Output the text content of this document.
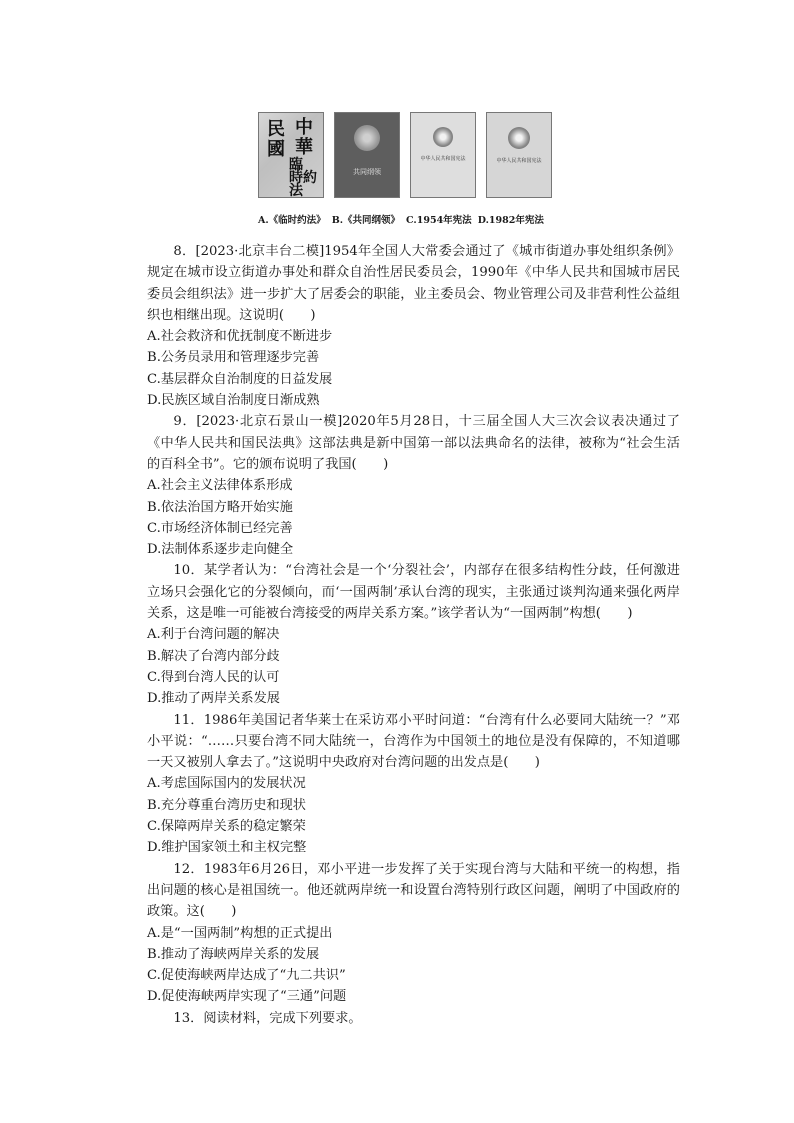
中
華
民
國
臨
時約法
共同纲领
中华人民共和国宪法	中华人民共和国宪法
A.《临时约法》 B.《共同纲领》 C.1954年宪法 D.1982年宪法

8．[2023·北京丰台二模]1954年全国人大常委会通过了《城市街道办事处组织条例》规定在城市设立街道办事处和群众自治性居民委员会，1990年《中华人民共和国城市居民委员会组织法》进一步扩大了居委会的职能，业主委员会、物业管理公司及非营利性公益组织也相继出现。这说明(　　)

A.社会救济和优抚制度不断进步

B.公务员录用和管理逐步完善

C.基层群众自治制度的日益发展

D.民族区域自治制度日渐成熟

9．[2023·北京石景山一模]2020年5月28日，十三届全国人大三次会议表决通过了《中华人民共和国民法典》这部法典是新中国第一部以法典命名的法律，被称为“社会生活的百科全书”。它的颁布说明了我国(　　)

A.社会主义法律体系形成

B.依法治国方略开始实施

C.市场经济体制已经完善

D.法制体系逐步走向健全

10．某学者认为：“台湾社会是一个‘分裂社会’，内部存在很多结构性分歧，任何激进立场只会强化它的分裂倾向，而‘一国两制’承认台湾的现实，主张通过谈判沟通来强化两岸关系，这是唯一可能被台湾接受的两岸关系方案。”该学者认为“一国两制”构想(　　)

A.利于台湾问题的解决

B.解决了台湾内部分歧

C.得到台湾人民的认可

D.推动了两岸关系发展

11．1986年美国记者华莱士在采访邓小平时问道：“台湾有什么必要同大陆统一？”邓小平说：“……只要台湾不同大陆统一，台湾作为中国领土的地位是没有保障的，不知道哪一天又被别人拿去了。”这说明中央政府对台湾问题的出发点是(　　)

A.考虑国际国内的发展状况

B.充分尊重台湾历史和现状

C.保障两岸关系的稳定繁荣

D.维护国家领土和主权完整

12．1983年6月26日，邓小平进一步发挥了关于实现台湾与大陆和平统一的构想，指出问题的核心是祖国统一。他还就两岸统一和设置台湾特别行政区问题，阐明了中国政府的政策。这(　　)

A.是“一国两制”构想的正式提出

B.推动了海峡两岸关系的发展

C.促使海峡两岸达成了“九二共识”

D.促使海峡两岸实现了“三通”问题

13．阅读材料，完成下列要求。
